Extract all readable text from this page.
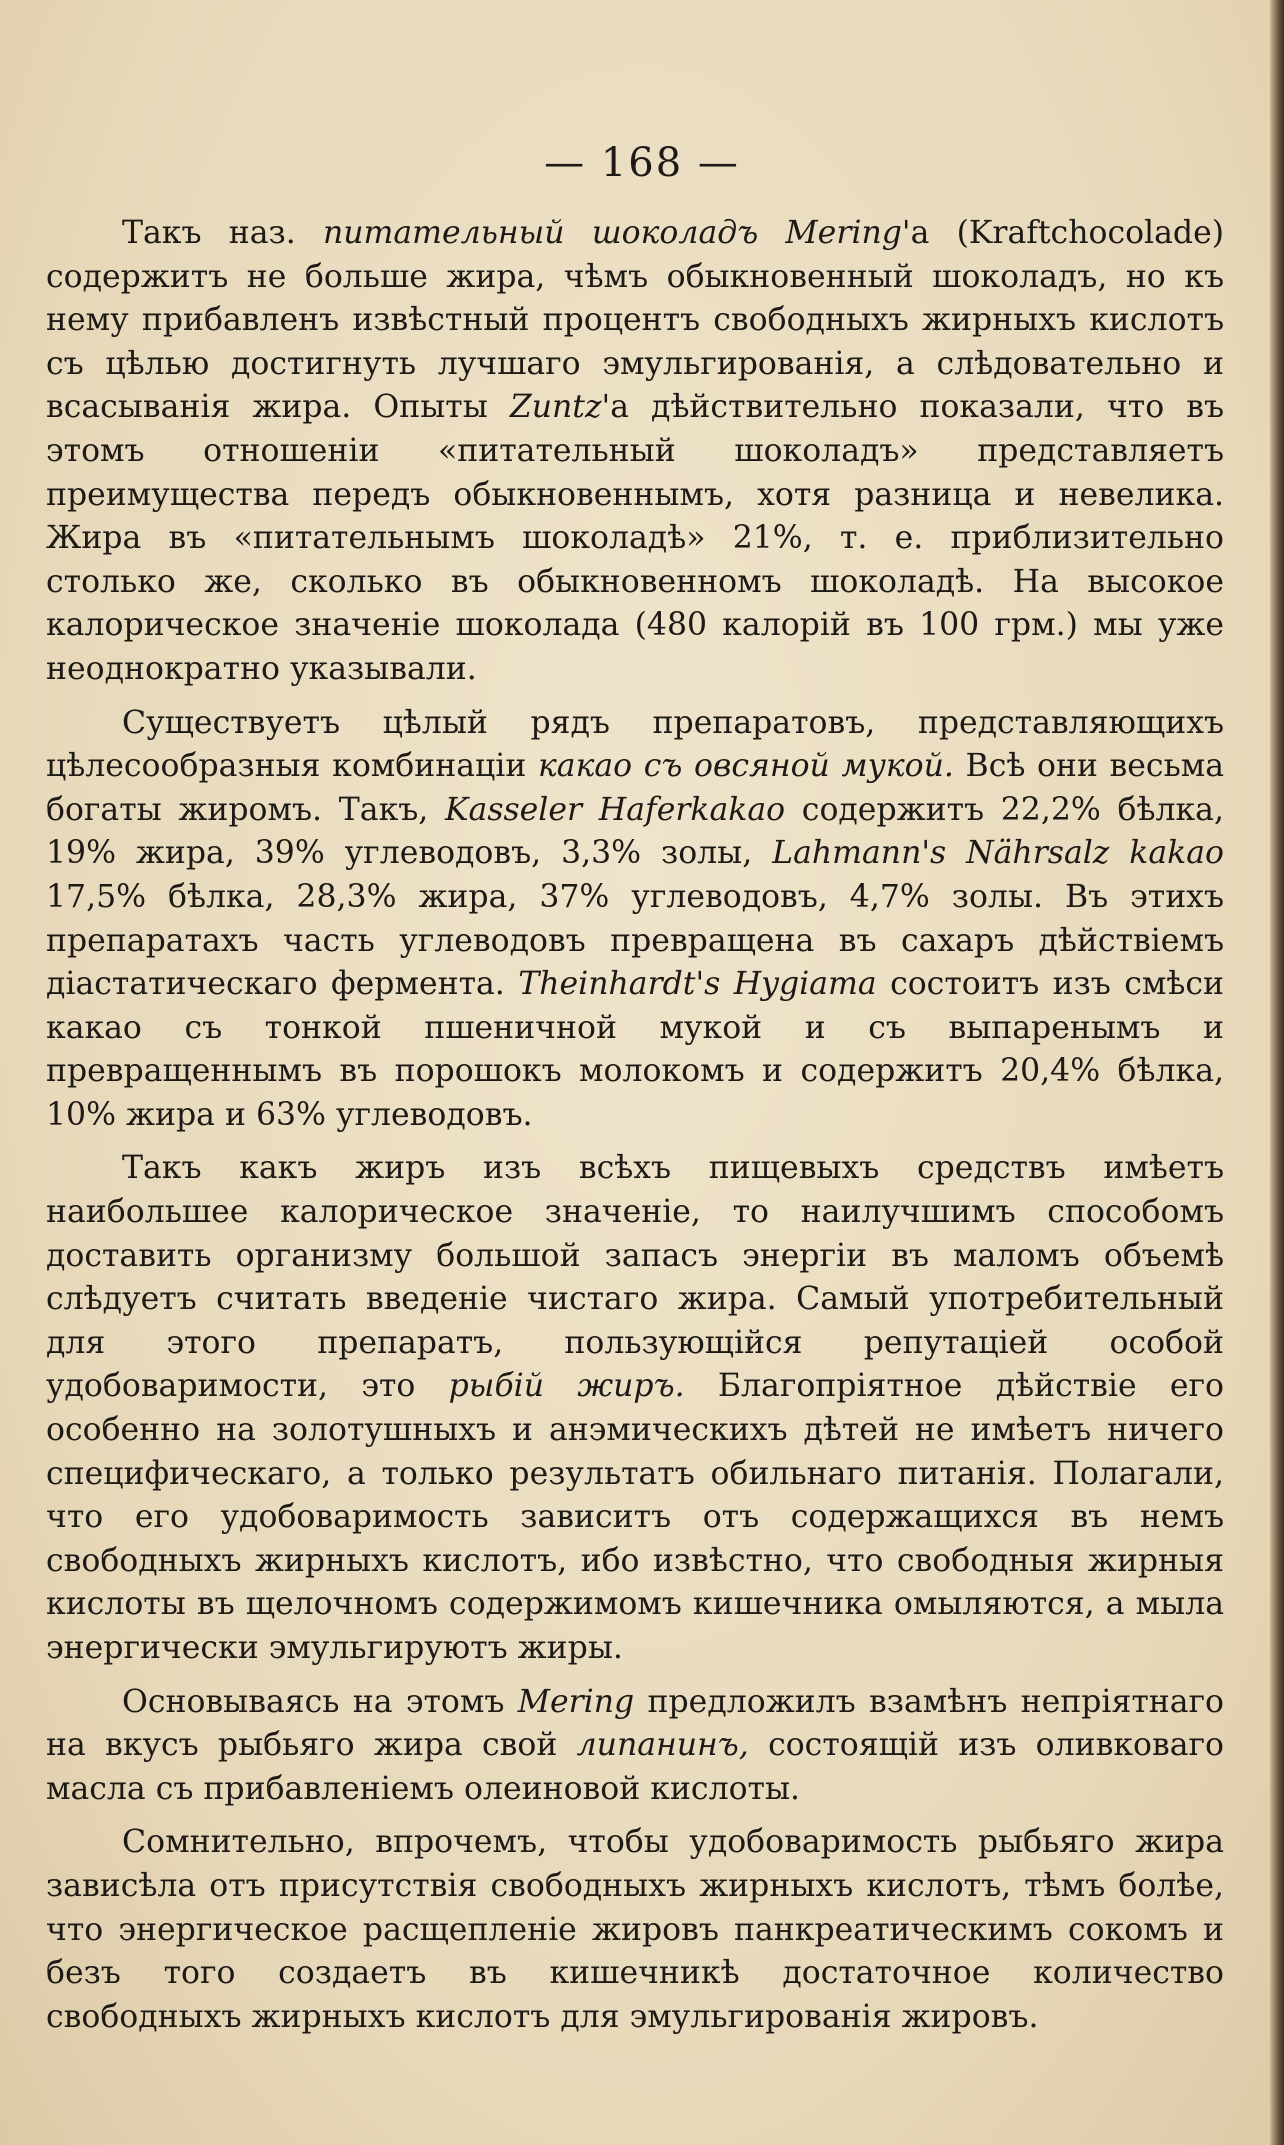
— 168 —

Такъ наз. питательный шоколадъ Mering'а (Kraftchocolade) содержитъ не больше жира, чѣмъ обыкновенный шоколадъ, но къ нему прибавленъ извѣстный процентъ свободныхъ жирныхъ кислотъ съ цѣлью достигнуть лучшаго эмульгированія, а слѣдовательно и всасыванія жира. Опыты Zuntz'а дѣйствительно показали, что въ этомъ отношеніи «питательный шоколадъ» представляетъ преимущества передъ обыкновеннымъ, хотя разница и невелика. Жира въ «питательнымъ шоколадѣ» 21%, т. е. приблизительно столько же, сколько въ обыкновенномъ шоколадѣ. На высокое калорическое значеніе шоколада (480 калорій въ 100 грм.) мы уже неоднократно указывали.

Существуетъ цѣлый рядъ препаратовъ, представляющихъ цѣлесообразныя комбинаціи какао съ овсяной мукой. Всѣ они весьма богаты жиромъ. Такъ, Kasseler Haferkakao содержитъ 22,2% бѣлка, 19% жира, 39% углеводовъ, 3,3% золы, Lahmann's Nährsalz kakao 17,5% бѣлка, 28,3% жира, 37% углеводовъ, 4,7% золы. Въ этихъ препаратахъ часть углеводовъ превращена въ сахаръ дѣйствіемъ діастатическаго фермента. Theinhardt's Hygiama состоитъ изъ смѣси какао съ тонкой пшеничной мукой и съ выпаренымъ и превращеннымъ въ порошокъ молокомъ и содержитъ 20,4% бѣлка, 10% жира и 63% углеводовъ.

Такъ какъ жиръ изъ всѣхъ пищевыхъ средствъ имѣетъ наибольшее калорическое значеніе, то наилучшимъ способомъ доставить организму большой запасъ энергіи въ маломъ объемѣ слѣдуетъ считать введеніе чистаго жира. Самый употребительный для этого препаратъ, пользующійся репутаціей особой удобоваримости, это рыбій жиръ. Благопріятное дѣйствіе его особенно на золотушныхъ и анэмическихъ дѣтей не имѣетъ ничего специфическаго, а только результатъ обильнаго питанія. Полагали, что его удобоваримость зависитъ отъ содержащихся въ немъ свободныхъ жирныхъ кислотъ, ибо извѣстно, что свободныя жирныя кислоты въ щелочномъ содержимомъ кишечника омыляются, а мыла энергически эмульгируютъ жиры.

Основываясь на этомъ Mering предложилъ взамѣнъ непріятнаго на вкусъ рыбьяго жира свой липанинъ, состоящій изъ оливковаго масла съ прибавленіемъ олеиновой кислоты.

Сомнительно, впрочемъ, чтобы удобоваримость рыбьяго жира зависѣла отъ присутствія свободныхъ жирныхъ кислотъ, тѣмъ болѣе, что энергическое расщепленіе жировъ панкреатическимъ сокомъ и безъ того создаетъ въ кишечникѣ достаточное количество свободныхъ жирныхъ кислотъ для эмульгированія жировъ.
